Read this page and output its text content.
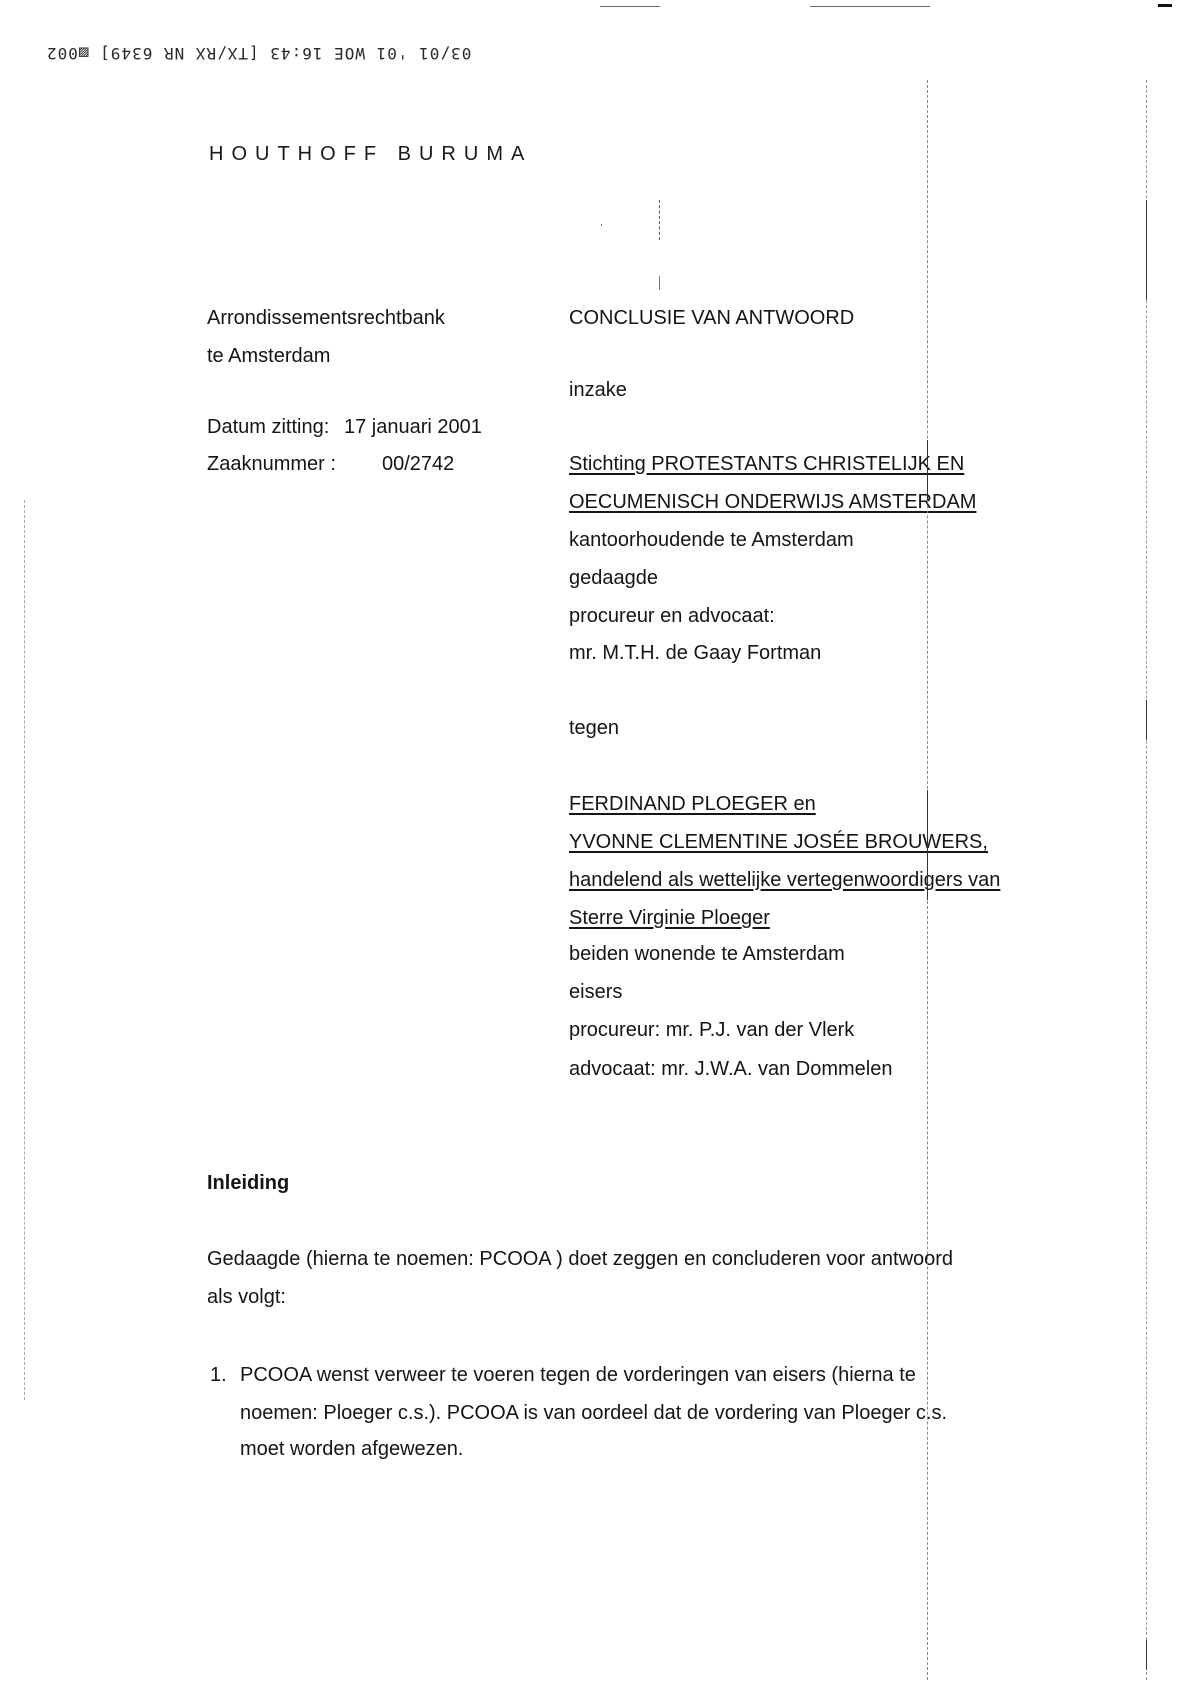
03/01 '01 WOE 16:43 [TX/RX NR 6349] ▨002
HOUTHOFF BURUMA
Arrondissementsrechtbank
te Amsterdam
Datum zitting: 17 januari 2001
Zaaknummer : 00/2742
CONCLUSIE VAN ANTWOORD
inzake
Stichting PROTESTANTS CHRISTELIJK EN
OECUMENISCH ONDERWIJS AMSTERDAM
kantoorhoudende te Amsterdam
gedaagde
procureur en advocaat:
mr. M.T.H. de Gaay Fortman
tegen
FERDINAND PLOEGER en
YVONNE CLEMENTINE JOSÉE BROUWERS,
handelend als wettelijke vertegenwoordigers van
Sterre Virginie Ploeger
beiden wonende te Amsterdam
eisers
procureur: mr. P.J. van der Vlerk
advocaat: mr. J.W.A. van Dommelen
Inleiding
Gedaagde (hierna te noemen: PCOOA ) doet zeggen en concluderen voor antwoord
als volgt:
1. PCOOA wenst verweer te voeren tegen de vorderingen van eisers (hierna te
noemen: Ploeger c.s.). PCOOA is van oordeel dat de vordering van Ploeger c.s.
moet worden afgewezen.
